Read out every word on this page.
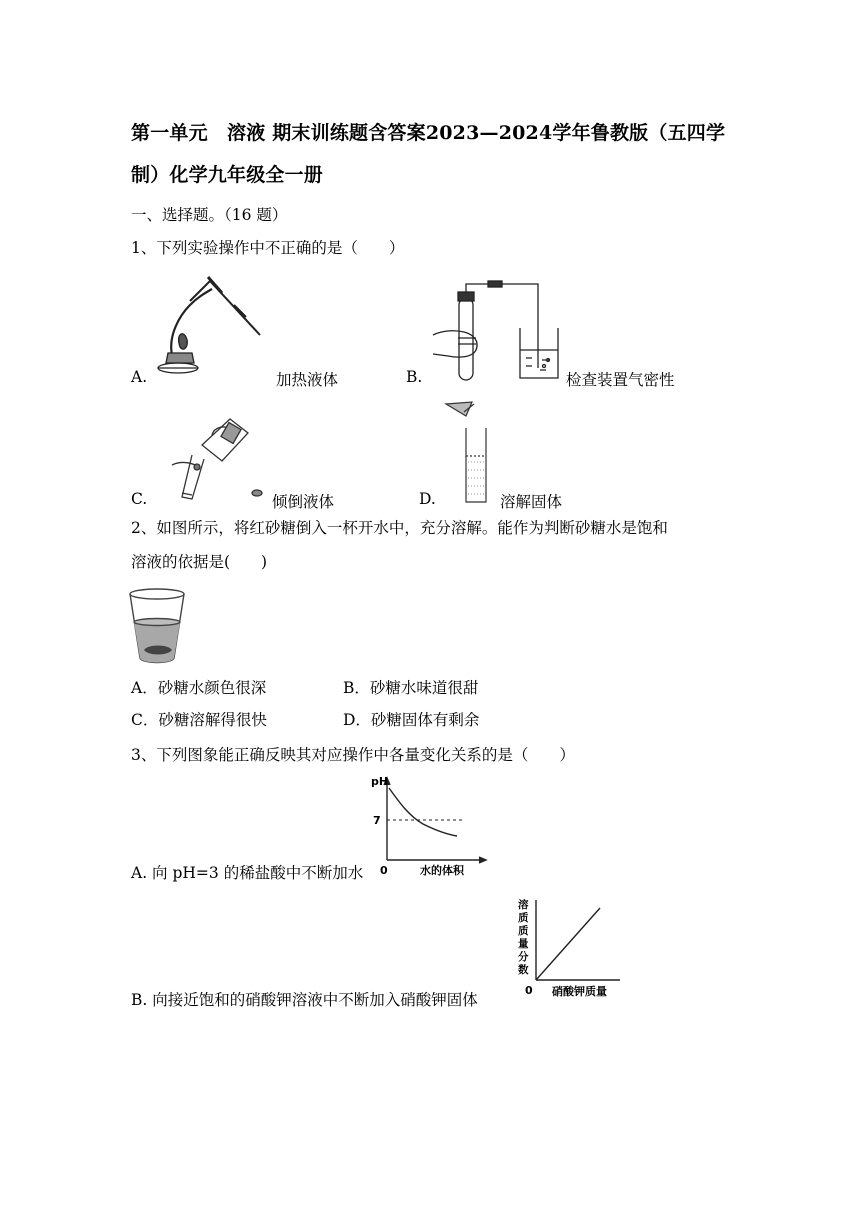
第一单元　溶液 期末训练题含答案2023—2024学年鲁教版（五四学
制）化学九年级全一册
一、选择题。（16 题）
1、下列实验操作中不正确的是（　　）
A.	加热液体	B.	检查装置气密性
C.	倾倒液体	D.	溶解固体
2、如图所示，将红砂糖倒入一杯开水中，充分溶解。能作为判断砂糖水是饱和
溶液的依据是(　　)
A．砂糖水颜色很深	B．砂糖水味道很甜
C．砂糖溶解得很快	D．砂糖固体有剩余
3、下列图象能正确反映其对应操作中各量变化关系的是（　　）
A. 向 pH=3 的稀盐酸中不断加水
pH
7
0	水的体积
B. 向接近饱和的硝酸钾溶液中不断加入硝酸钾固体
溶 质 质 量 分 数
0 硝酸钾质量
